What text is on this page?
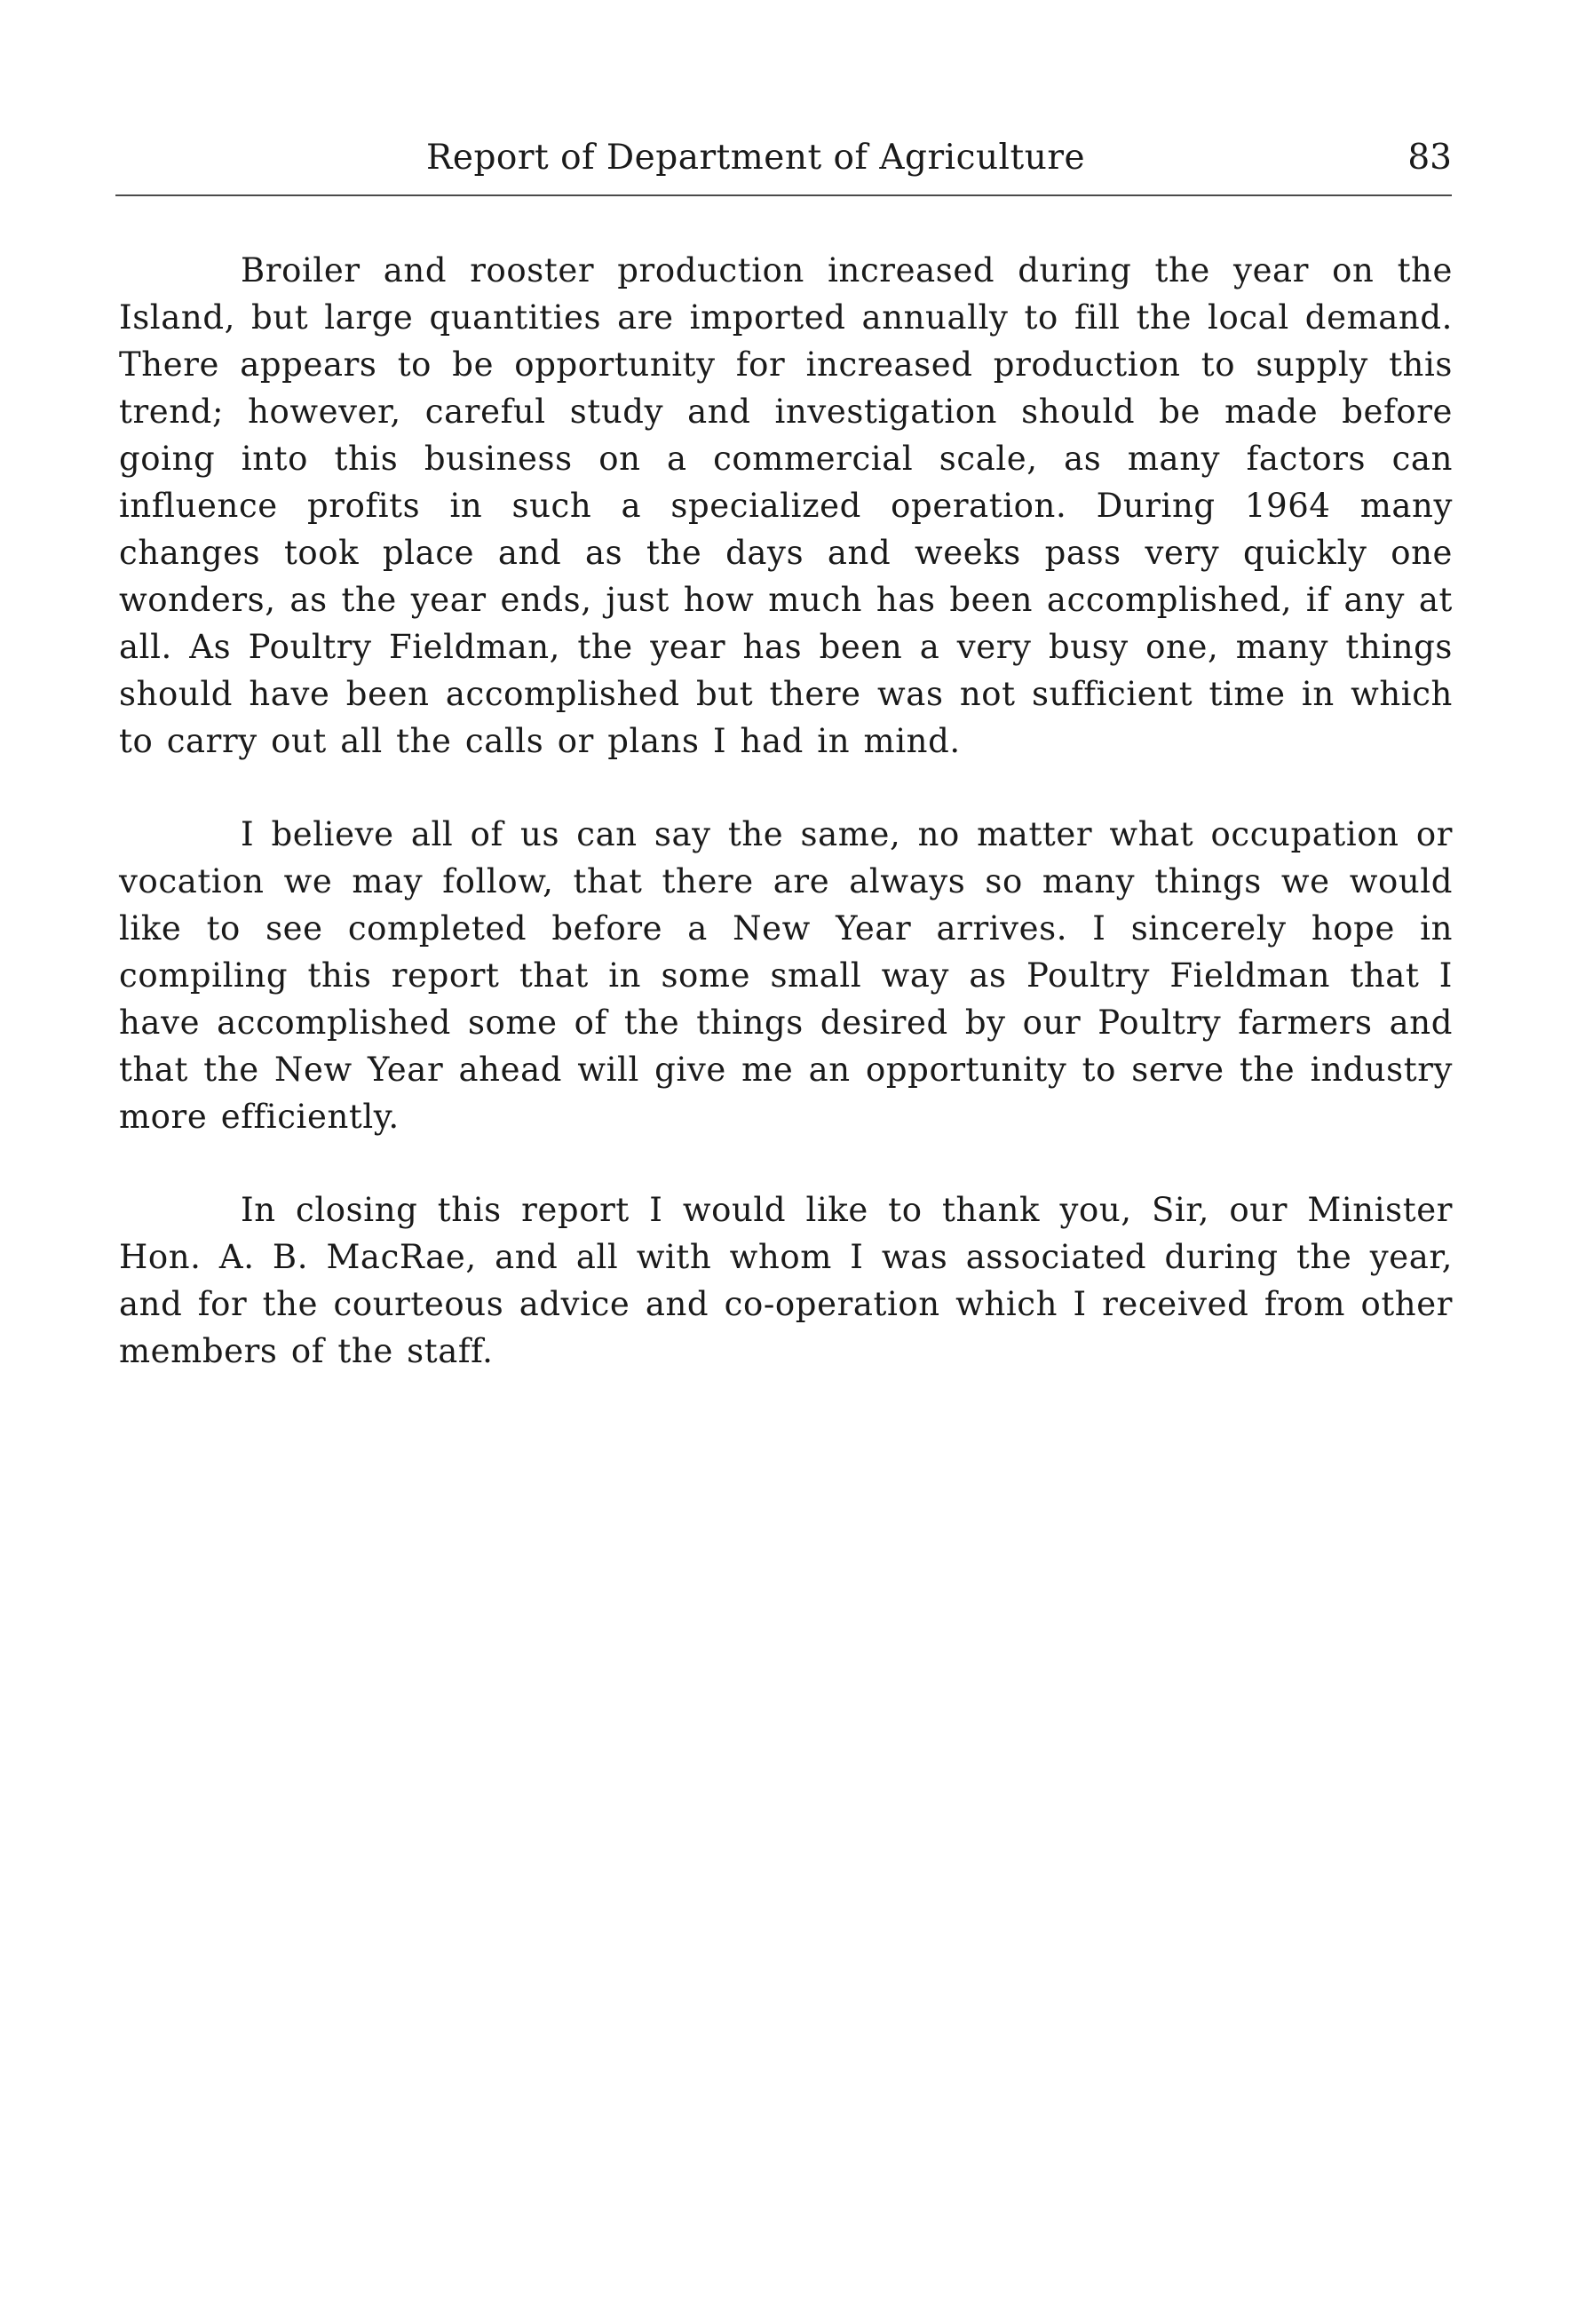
Report of Department of Agriculture	83

Broiler and rooster production increased during the year on the Island, but large quantities are imported annually to fill the local demand. There appears to be opportunity for increased production to supply this trend; however, careful study and investigation should be made before going into this business on a commercial scale, as many factors can influence profits in such a specialized operation. During 1964 many changes took place and as the days and weeks pass very quickly one wonders, as the year ends, just how much has been accomplished, if any at all. As Poultry Fieldman, the year has been a very busy one, many things should have been accomplished but there was not sufficient time in which to carry out all the calls or plans I had in mind.

I believe all of us can say the same, no matter what occupation or vocation we may follow, that there are always so many things we would like to see completed before a New Year arrives. I sincerely hope in compiling this report that in some small way as Poultry Fieldman that I have accomplished some of the things desired by our Poultry farmers and that the New Year ahead will give me an opportunity to serve the industry more efficiently.

In closing this report I would like to thank you, Sir, our Minister Hon. A. B. MacRae, and all with whom I was associated during the year, and for the courteous advice and co-operation which I received from other members of the staff.
